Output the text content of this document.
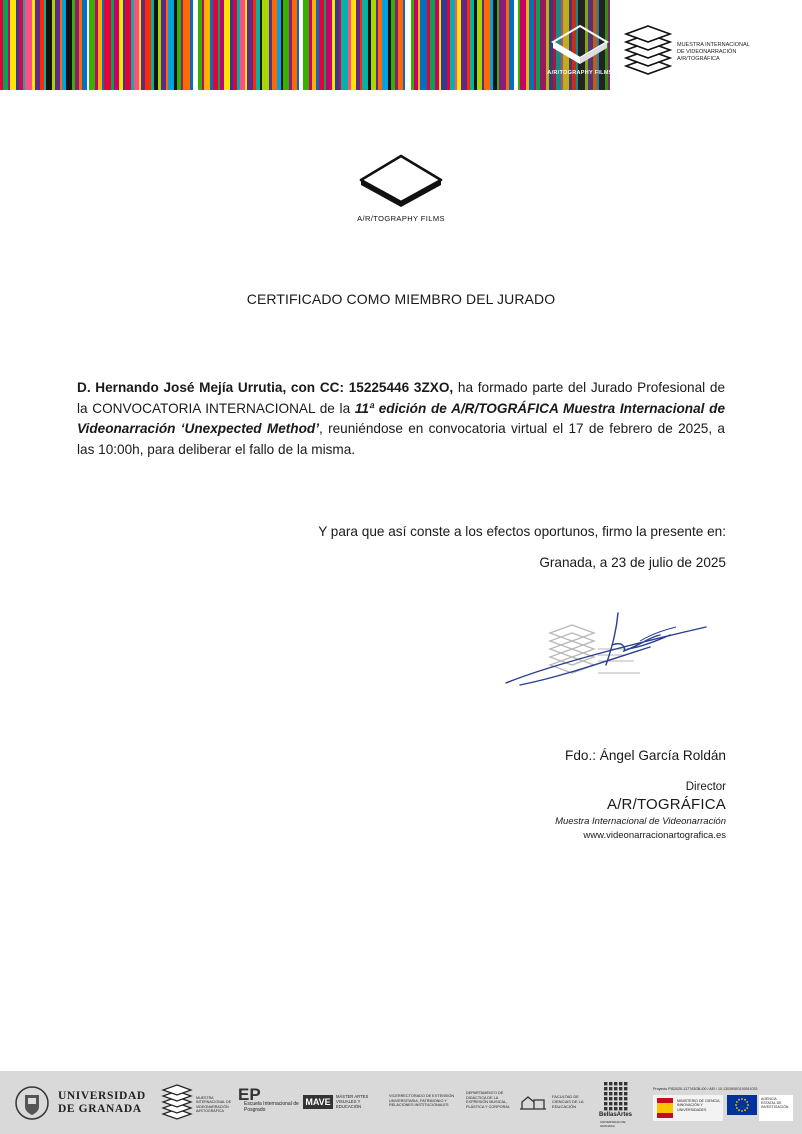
A/R/TOGRAPHY FILMS
MUESTRA INTERNACIONAL
DE VIDEONARRACIÓN
A/R/TOGRÁFICA
A/R/TOGRAPHY FILMS
CERTIFICADO COMO MIEMBRO DEL JURADO
D. Hernando José Mejía Urrutia, con CC: 15225446 3ZXO, ha formado parte del Jurado Profesional de la CONVOCATORIA INTERNACIONAL de la 11ª edición de A/R/TOGRÁFICA Muestra Internacional de Videonarración ‘Unexpected Method’, reuniéndose en convocatoria virtual el 17 de febrero de 2025, a las 10:00h, para deliberar el fallo de la misma.
Y para que así conste a los efectos oportunos, firmo la presente en:
Granada, a 23 de julio de 2025
Fdo.: Ángel García Roldán
Director
A/R/TOGRÁFICA
Muestra Internacional de Videonarración
www.videonarracionartografica.es
UNIVERSIDAD
DE GRANADA
MUESTRA INTERNACIONAL DE VIDEONARRACIÓN A/R/TOGRÁFICA
EP
Escuela Internacional de Posgrado
MAVE
MÁSTER ARTES VISUALES Y EDUCACIÓN
VICERRECTORADO DE EXTENSIÓN UNIVERSITARIA, PATRIMONIO Y RELACIONES INSTITUCIONALES
DEPARTAMENTO DE DIDÁCTICA DE LA EXPRESIÓN MUSICAL, PLÁSTICA Y CORPORAL
FACULTAD DE CIENCIAS DE LA EDUCACIÓN
BellasArtes
UNIVERSIDAD DE GRANADA
Proyecto PID2020-117743GB-I00 / AEI / 10.13039/501100011033
MINISTERIO DE CIENCIA, INNOVACIÓN Y UNIVERSIDADES
AGENCIA ESTATAL DE INVESTIGACIÓN
